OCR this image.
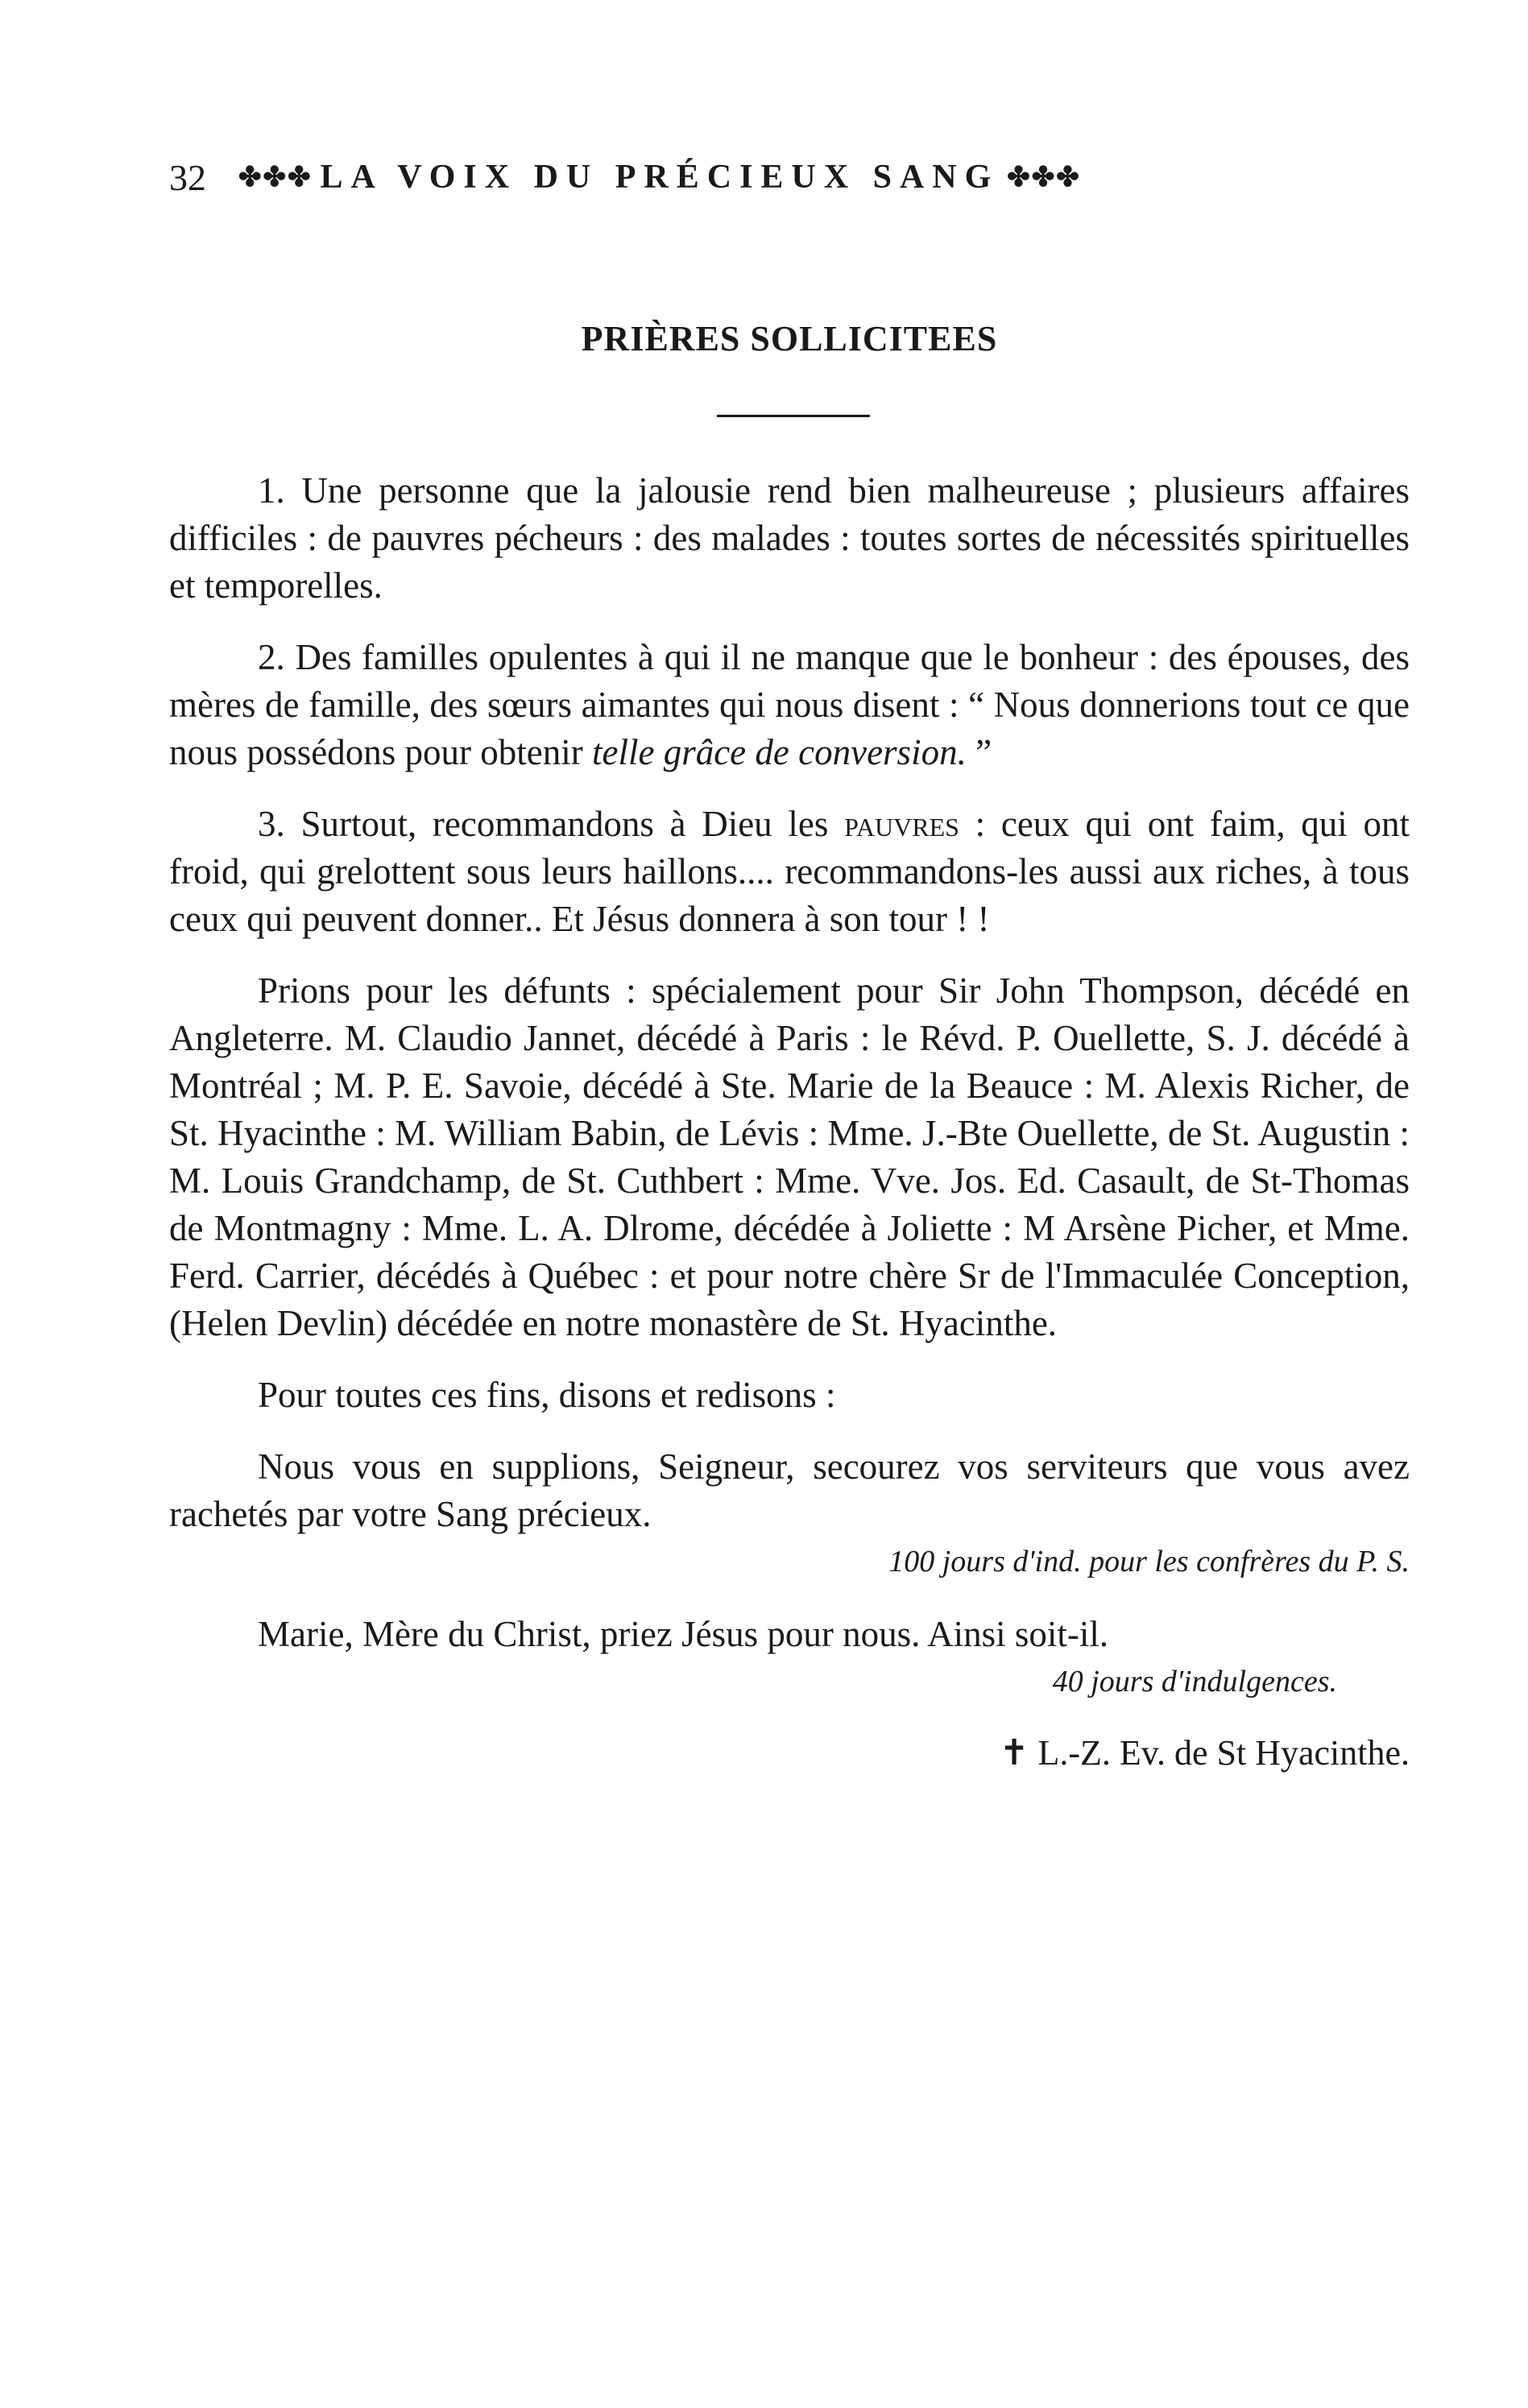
32 ✤✤✤ LA VOIX DU PRÉCIEUX SANG ✤✤✤
PRIÈRES SOLLICITEES

1. Une personne que la jalousie rend bien malheureuse ; plusieurs affaires difficiles : de pauvres pécheurs : des malades : toutes sortes de nécessités spirituelles et temporelles.

2. Des familles opulentes à qui il ne manque que le bonheur : des épouses, des mères de famille, des sœurs aimantes qui nous disent : “ Nous donnerions tout ce que nous possédons pour obtenir telle grâce de conversion. ”

3. Surtout, recommandons à Dieu les pauvres : ceux qui ont faim, qui ont froid, qui grelottent sous leurs haillons.... recommandons-les aussi aux riches, à tous ceux qui peuvent donner.. Et Jésus donnera à son tour ! !

Prions pour les défunts : spécialement pour Sir John Thompson, décédé en Angleterre. M. Claudio Jannet, décédé à Paris : le Révd. P. Ouellette, S. J. décédé à Montréal ; M. P. E. Savoie, décédé à Ste. Marie de la Beauce : M. Alexis Richer, de St. Hyacinthe : M. William Babin, de Lévis : Mme. J.-Bte Ouellette, de St. Augustin : M. Louis Grandchamp, de St. Cuthbert : Mme. Vve. Jos. Ed. Casault, de St-Thomas de Montmagny : Mme. L. A. Dlrome, décédée à Joliette : M Arsène Picher, et Mme. Ferd. Carrier, décédés à Québec : et pour notre chère Sr de l'Immaculée Conception, (Helen Devlin) décédée en notre monastère de St. Hyacinthe.

Pour toutes ces fins, disons et redisons :

Nous vous en supplions, Seigneur, secourez vos serviteurs que vous avez rachetés par votre Sang précieux.

100 jours d'ind. pour les confrères du P. S.

Marie, Mère du Christ, priez Jésus pour nous. Ainsi soit-il.

40 jours d'indulgences.

✝ L.-Z. Ev. de St Hyacinthe.
